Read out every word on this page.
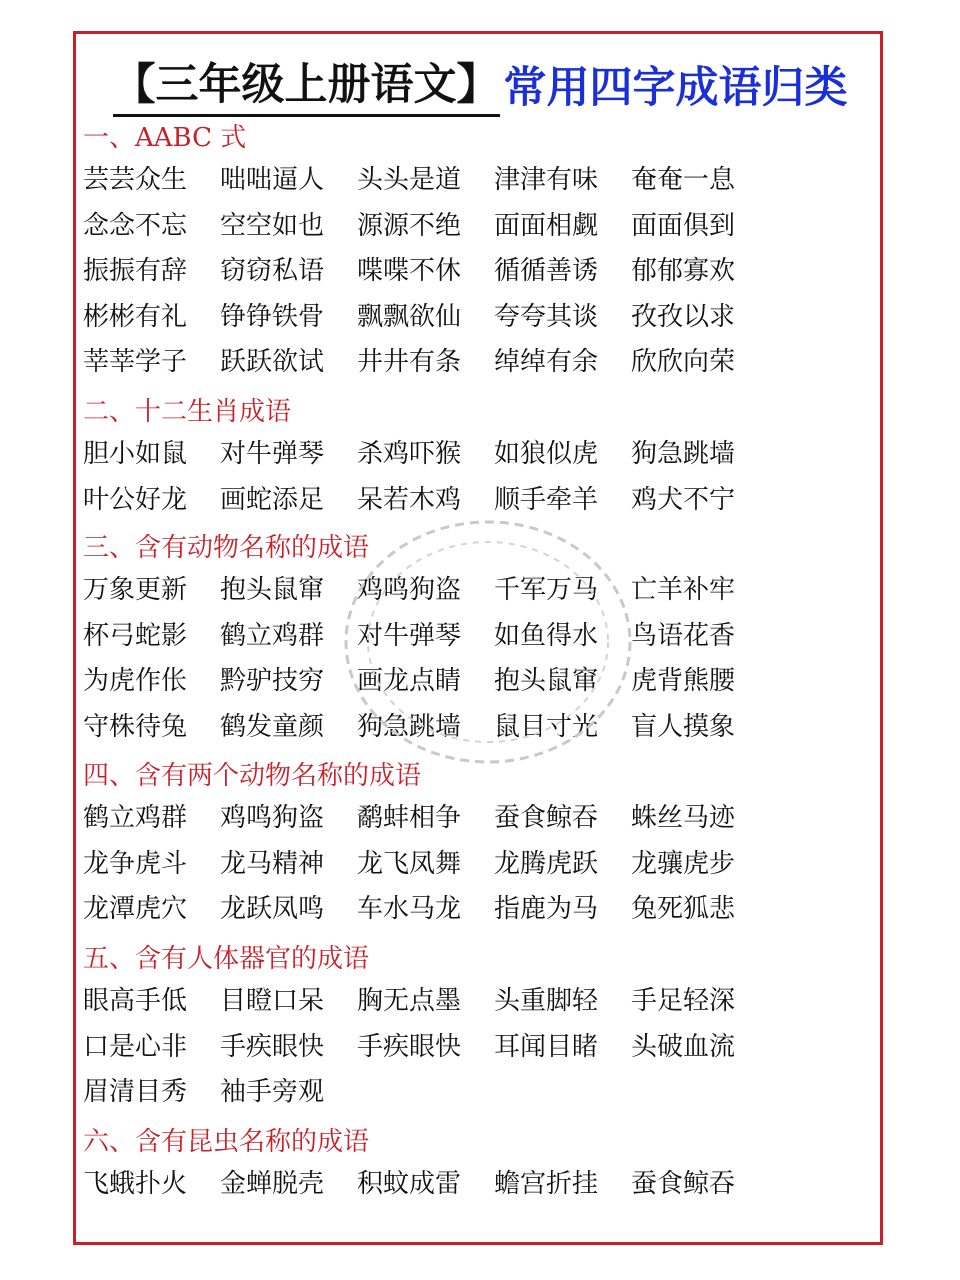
【三年级上册语文】 常用四字成语归类
一、AABC 式
芸芸众生	咄咄逼人	头头是道	津津有味	奄奄一息
念念不忘	空空如也	源源不绝	面面相觑	面面俱到
振振有辞	窃窃私语	喋喋不休	循循善诱	郁郁寡欢
彬彬有礼	铮铮铁骨	飘飘欲仙	夸夸其谈	孜孜以求
莘莘学子	跃跃欲试	井井有条	绰绰有余	欣欣向荣
二、十二生肖成语
胆小如鼠	对牛弹琴	杀鸡吓猴	如狼似虎	狗急跳墙
叶公好龙	画蛇添足	呆若木鸡	顺手牵羊	鸡犬不宁
三、含有动物名称的成语
万象更新	抱头鼠窜	鸡鸣狗盗	千军万马	亡羊补牢
杯弓蛇影	鹤立鸡群	对牛弹琴	如鱼得水	鸟语花香
为虎作伥	黔驴技穷	画龙点睛	抱头鼠窜	虎背熊腰
守株待兔	鹤发童颜	狗急跳墙	鼠目寸光	盲人摸象
四、含有两个动物名称的成语
鹤立鸡群	鸡鸣狗盗	鹬蚌相争	蚕食鲸吞	蛛丝马迹
龙争虎斗	龙马精神	龙飞凤舞	龙腾虎跃	龙骧虎步
龙潭虎穴	龙跃凤鸣	车水马龙	指鹿为马	兔死狐悲
五、含有人体器官的成语
眼高手低	目瞪口呆	胸无点墨	头重脚轻	手足轻深
口是心非	手疾眼快	手疾眼快	耳闻目睹	头破血流
眉清目秀	袖手旁观
六、含有昆虫名称的成语
飞蛾扑火	金蝉脱壳	积蚊成雷	蟾宫折挂	蚕食鲸吞
